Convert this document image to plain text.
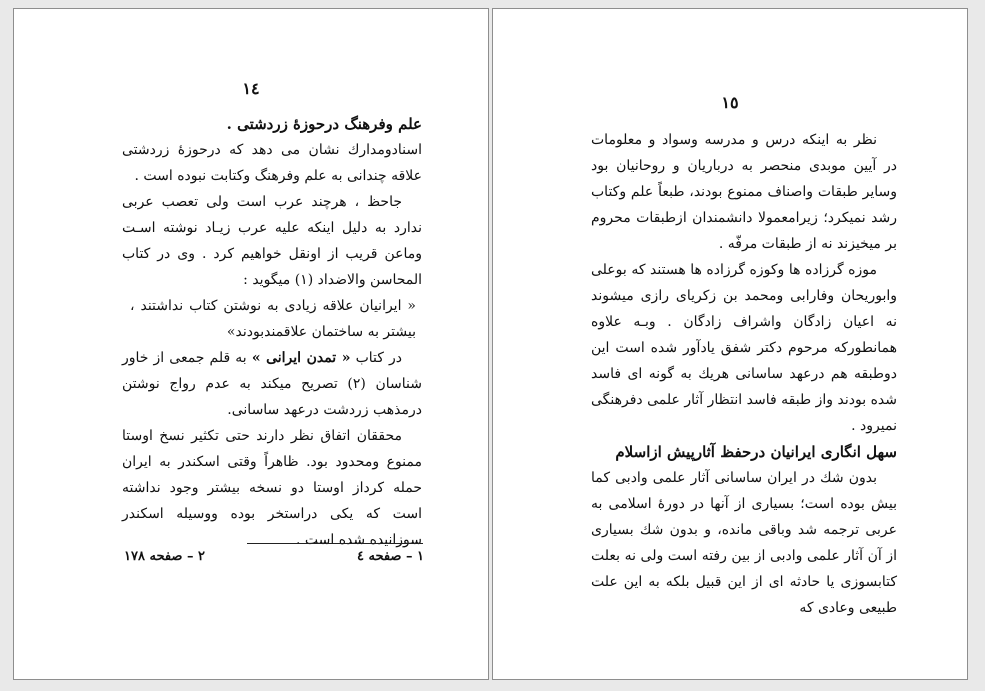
١٤

علم وفرهنگ درحوزهٔ زردشتی .

اسنادومدارك نشان می دهد که درحوزهٔ زردشتی علاقه چندانی به علم وفرهنگ وکتابت نبوده است .

جاحظ ، هرچند عرب است ولی تعصب عربی ندارد به دلیل اینکه علیه عرب زیـاد نوشته اسـت وماعن قریب از اونقل خواهیم کرد . وی در کتاب المحاسن والاضداد (١) میگوید :

« ایرانیان علاقه زیادی به نوشتن کتاب نداشتند ، بیشتر به ساختمان علاقمندبودند»

در کتاب « تمدن ایرانی » به قلم جمعی از خاور شناسان (٢) تصریح میکند به عدم رواج نوشتن درمذهب زردشت درعهد ساسانی.

محققان اتفاق نظر دارند حتی تکثیر نسخ اوستا ممنوع ومحدود بود. ظاهراً وقتی اسکندر به ایران حمله کرداز اوستا دو نسخه بیشتر وجود نداشته است که یکی دراستخر بوده ووسیله اسکندر سوزانیده شده است .

١ – صفحه ٤
٢ – صفحه ١٧٨
١٥

نظر به اینکه درس و مدرسه وسواد و معلومات در آیین موبدی منحصر به درباریان و روحانیان بود وسایر طبقات واصناف ممنوع بودند، طبعاً علم وکتاب رشد نمیکرد؛ زیرامعمولا دانشمندان ازطبقات محروم بر میخیزند نه از طبقات مرفّه .

موزه گرزاده ها وکوزه گرزاده ها هستند که بوعلی وابوریحان وفارابی ومحمد بن زکریای رازی میشوند نه اعیان زادگان واشراف زادگان . وبـه علاوه همانطورکه مرحوم دکتر شفق یادآور شده است این دوطبقه هم درعهد ساسانی هریك به گونه ای فاسد شده بودند واز طبقه فاسد انتظار آثار علمی دفرهنگی نمیرود .

سهل انگاری ایرانیان درحفظ آثارپیش ازاسلام

بدون شك در ایران ساسانی آثار علمی وادبی کما بیش بوده است؛ بسیاری از آنها در دورهٔ اسلامی به عربی ترجمه شد وباقی مانده، و بدون شك بسیاری از آن آثار علمی وادبی از بین رفته است ولی نه بعلت کتابسوزی یا حادثه ای از این قبیل بلکه به این علت طبیعی وعادی که
